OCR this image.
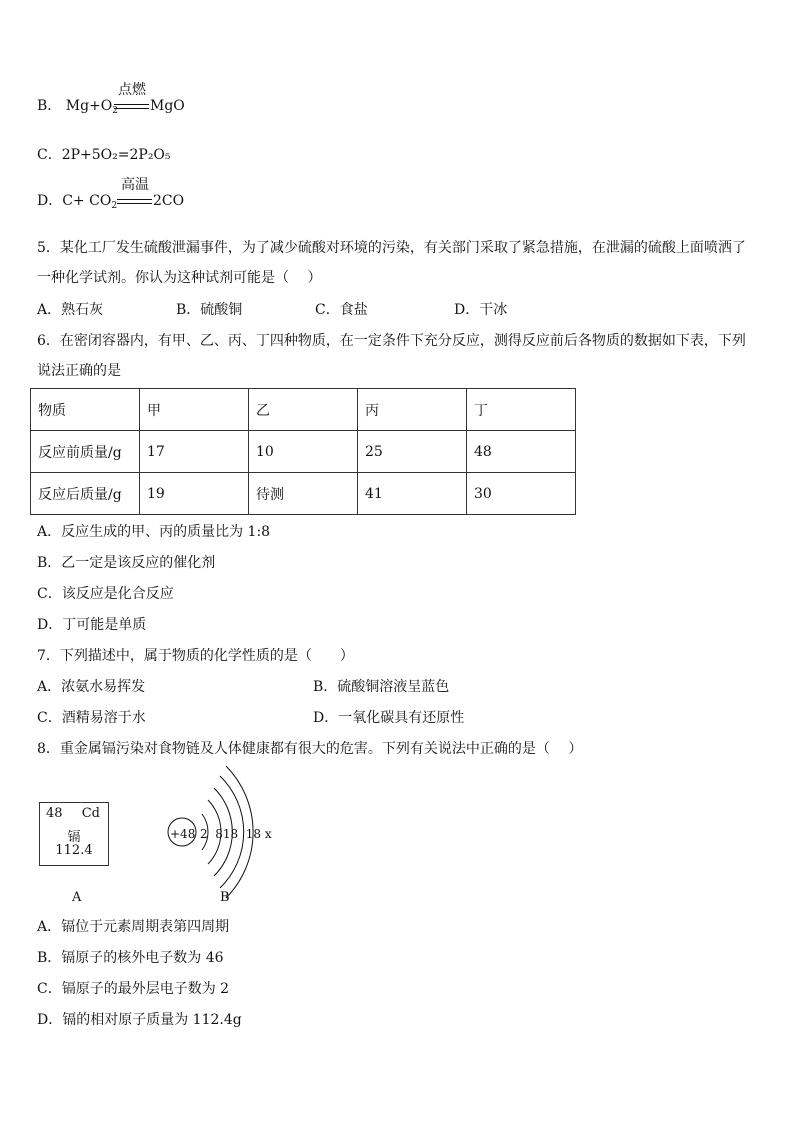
B． $Mg+O_2$
点燃
MgO
C．2P+5O₂=2P₂O₅
D．$C+ CO_2$
高温
2CO
5．某化工厂发生硫酸泄漏事件，为了减少硫酸对环境的污染，有关部门采取了紧急措施，在泄漏的硫酸上面喷洒了一种化学试剂。你认为这种试剂可能是（　 ）
A．熟石灰	B．硫酸铜	C．食盐	D．干冰
6．在密闭容器内，有甲、乙、丙、丁四种物质，在一定条件下充分反应，测得反应前后各物质的数据如下表，下列说法正确的是
物质	甲	乙	丙	丁
反应前质量/g	17	10	25	48
反应后质量/g	19	待测	41	30
A．反应生成的甲、丙的质量比为 1:8
B．乙一定是该反应的催化剂
C．该反应是化合反应
D．丁可能是单质
7．下列描述中，属于物质的化学性质的是（　　）
A．浓氨水易挥发	B．硫酸铜溶液呈蓝色
C．酒精易溶于水	D．一氧化碳具有还原性
8．重金属镉污染对食物链及人体健康都有很大的危害。下列有关说法中正确的是（　 ）
48 Cd
镉
112.4
A
+48 2  818  18 x
B
A．镉位于元素周期表第四周期
B．镉原子的核外电子数为 46
C．镉原子的最外层电子数为 2
D．镉的相对原子质量为 112.4g
